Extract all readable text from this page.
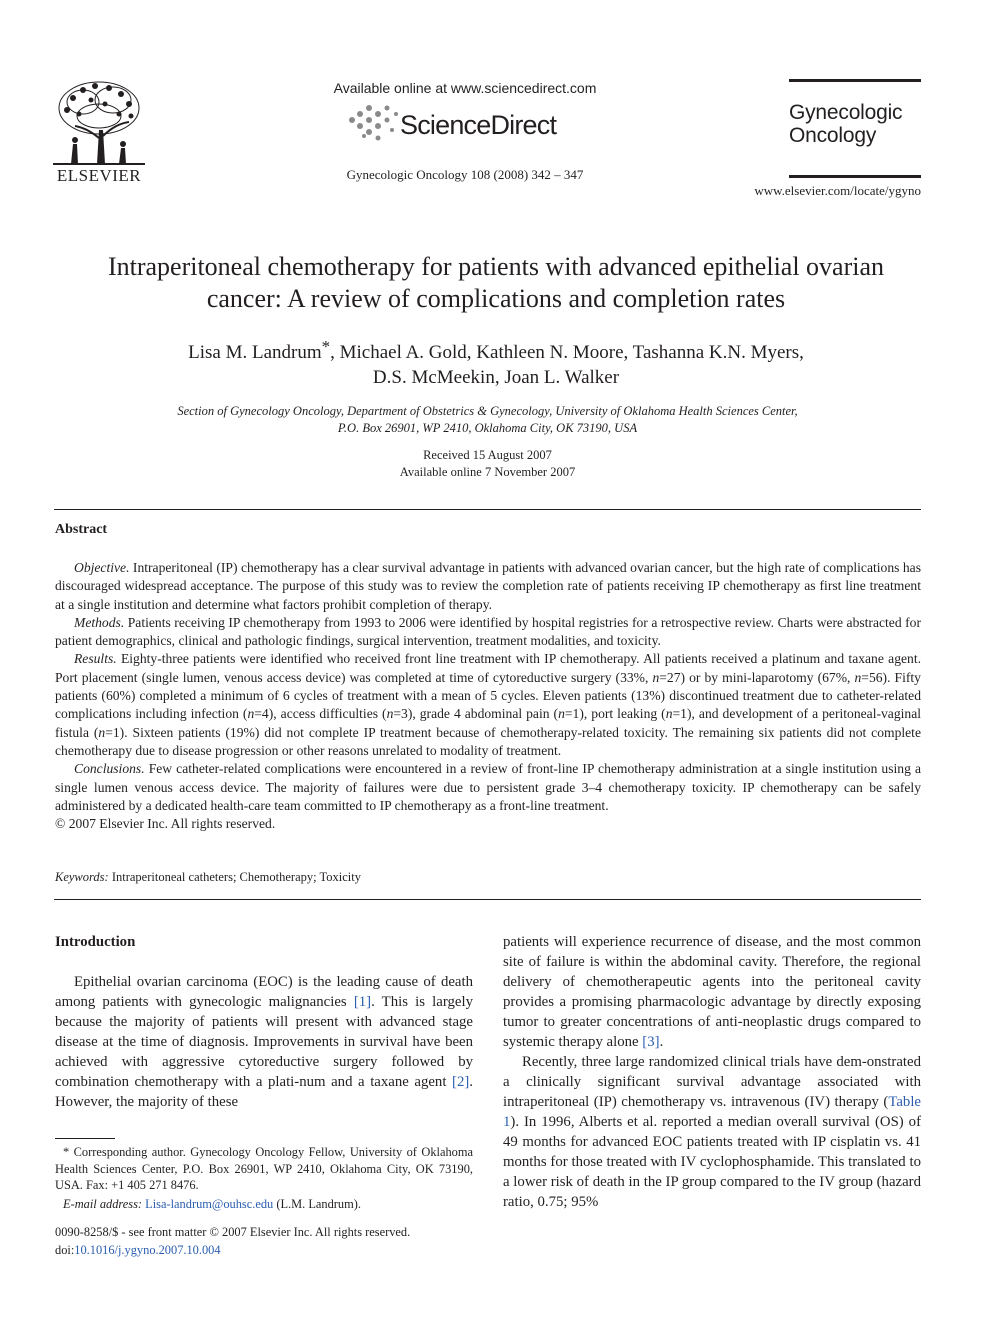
ELSEVIER
Available online at www.sciencedirect.com
ScienceDirect
Gynecologic Oncology 108 (2008) 342 – 347
Gynecologic
Oncology
www.elsevier.com/locate/ygyno
Intraperitoneal chemotherapy for patients with advanced epithelial ovarian
cancer: A review of complications and completion rates
Lisa M. Landrum*, Michael A. Gold, Kathleen N. Moore, Tashanna K.N. Myers,
D.S. McMeekin, Joan L. Walker
Section of Gynecology Oncology, Department of Obstetrics & Gynecology, University of Oklahoma Health Sciences Center,
P.O. Box 26901, WP 2410, Oklahoma City, OK 73190, USA
Received 15 August 2007
Available online 7 November 2007
Abstract

Objective. Intraperitoneal (IP) chemotherapy has a clear survival advantage in patients with advanced ovarian cancer, but the high rate of complications has discouraged widespread acceptance. The purpose of this study was to review the completion rate of patients receiving IP chemotherapy as first line treatment at a single institution and determine what factors prohibit completion of therapy.

Methods. Patients receiving IP chemotherapy from 1993 to 2006 were identified by hospital registries for a retrospective review. Charts were abstracted for patient demographics, clinical and pathologic findings, surgical intervention, treatment modalities, and toxicity.

Results. Eighty-three patients were identified who received front line treatment with IP chemotherapy. All patients received a platinum and taxane agent. Port placement (single lumen, venous access device) was completed at time of cytoreductive surgery (33%, n=27) or by mini-laparotomy (67%, n=56). Fifty patients (60%) completed a minimum of 6 cycles of treatment with a mean of 5 cycles. Eleven patients (13%) discontinued treatment due to catheter-related complications including infection (n=4), access difficulties (n=3), grade 4 abdominal pain (n=1), port leaking (n=1), and development of a peritoneal-vaginal fistula (n=1). Sixteen patients (19%) did not complete IP treatment because of chemotherapy-related toxicity. The remaining six patients did not complete chemotherapy due to disease progression or other reasons unrelated to modality of treatment.

Conclusions. Few catheter-related complications were encountered in a review of front-line IP chemotherapy administration at a single institution using a single lumen venous access device. The majority of failures were due to persistent grade 3–4 chemotherapy toxicity. IP chemotherapy can be safely administered by a dedicated health-care team committed to IP chemotherapy as a front-line treatment.

© 2007 Elsevier Inc. All rights reserved.

Keywords: Intraperitoneal catheters; Chemotherapy; Toxicity
Introduction

Epithelial ovarian carcinoma (EOC) is the leading cause of death among patients with gynecologic malignancies [1]. This is largely because the majority of patients will present with advanced stage disease at the time of diagnosis. Improvements in survival have been achieved with aggressive cytoreductive surgery followed by combination chemotherapy with a plati-num and a taxane agent [2]. However, the majority of these

patients will experience recurrence of disease, and the most common site of failure is within the abdominal cavity. Therefore, the regional delivery of chemotherapeutic agents into the peritoneal cavity provides a promising pharmacologic advantage by directly exposing tumor to greater concentrations of anti-neoplastic drugs compared to systemic therapy alone [3].

Recently, three large randomized clinical trials have dem-onstrated a clinically significant survival advantage associated with intraperitoneal (IP) chemotherapy vs. intravenous (IV) therapy (Table 1). In 1996, Alberts et al. reported a median overall survival (OS) of 49 months for advanced EOC patients treated with IP cisplatin vs. 41 months for those treated with IV cyclophosphamide. This translated to a lower risk of death in the IP group compared to the IV group (hazard ratio, 0.75; 95%

* Corresponding author. Gynecology Oncology Fellow, University of Oklahoma Health Sciences Center, P.O. Box 26901, WP 2410, Oklahoma City, OK 73190, USA. Fax: +1 405 271 8476.

E-mail address: Lisa-landrum@ouhsc.edu (L.M. Landrum).

0090-8258/$ - see front matter © 2007 Elsevier Inc. All rights reserved.
doi:10.1016/j.ygyno.2007.10.004
